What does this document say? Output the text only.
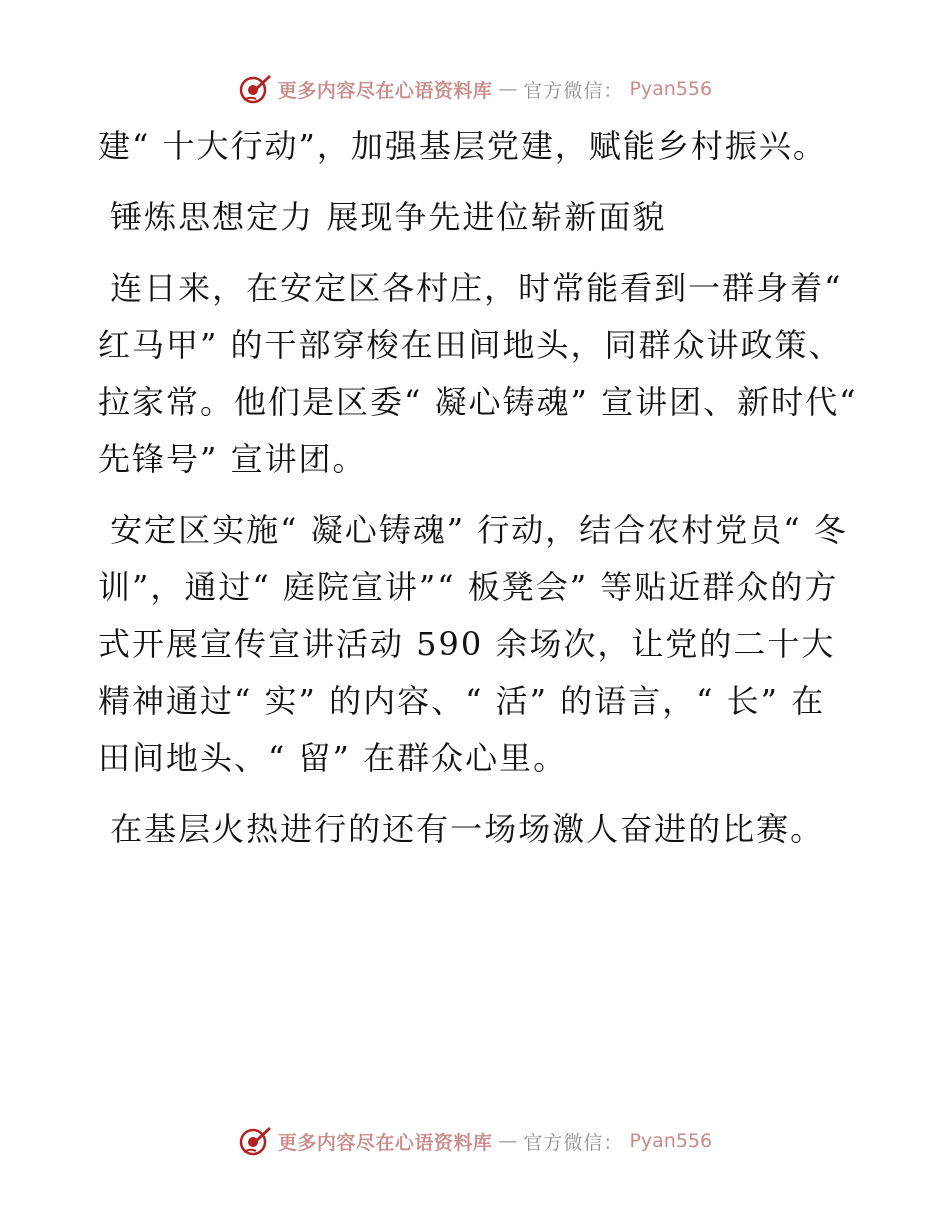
更多内容尽在心语资料库 — 官方微信： Pyan556

建“ 十大行动”，加强基层党建，赋能乡村振兴。

锤炼思想定力 展现争先进位崭新面貌

连日来，在安定区各村庄，时常能看到一群身着“ 红马甲” 的干部穿梭在田间地头，同群众讲政策、拉家常。他们是区委“ 凝心铸魂” 宣讲团、新时代“ 先锋号” 宣讲团。

安定区实施“ 凝心铸魂” 行动，结合农村党员“ 冬训”，通过“ 庭院宣讲”“ 板凳会” 等贴近群众的方式开展宣传宣讲活动 590 余场次，让党的二十大精神通过“ 实” 的内容、“ 活” 的语言，“ 长” 在田间地头、“ 留” 在群众心里。

在基层火热进行的还有一场场激人奋进的比赛。

更多内容尽在心语资料库 — 官方微信： Pyan556
